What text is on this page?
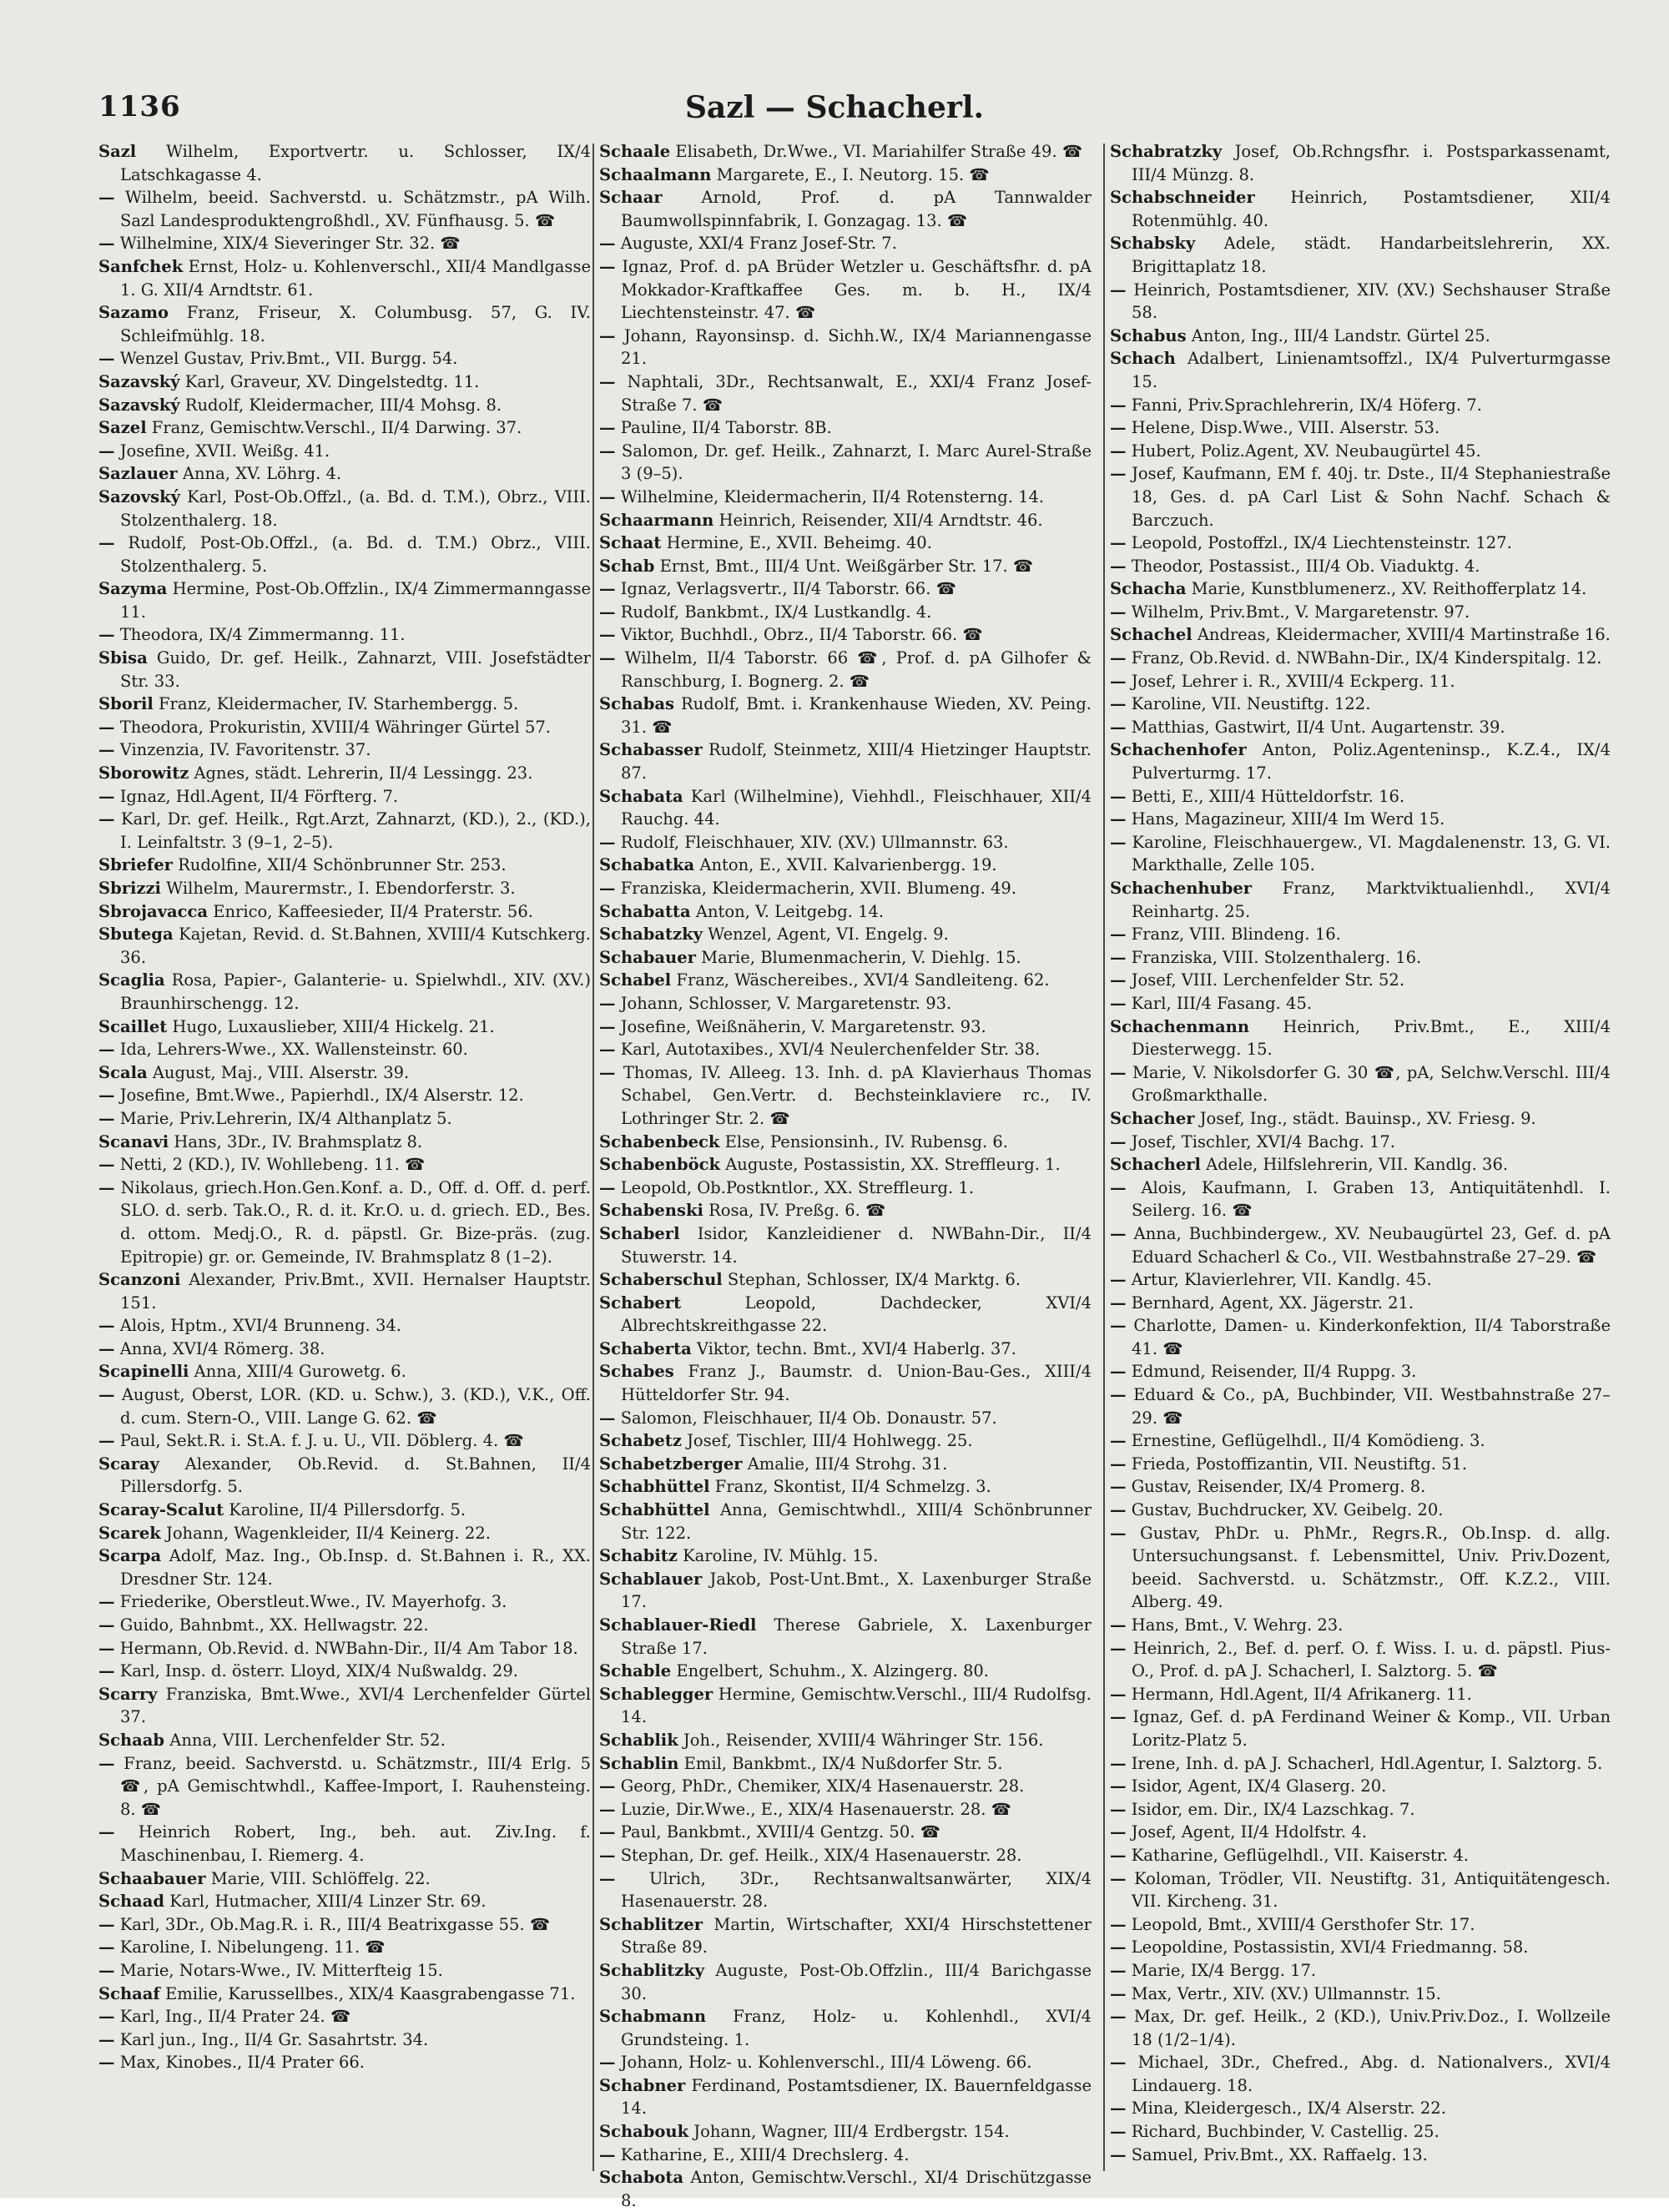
1136	Sazl — Schacherl.
Sazl Wilhelm, Exportvertr. u. Schlosser, IX/4 Latschkagasse 4.
— Wilhelm, beeid. Sachverstd. u. Schätzmstr., pA Wilh. Sazl Landesproduktengroßhdl., XV. Fünfhausg. 5. ☎
— Wilhelmine, XIX/4 Sieveringer Str. 32. ☎
Sanfchek Ernst, Holz- u. Kohlenverschl., XII/4 Mandlgasse 1. G. XII/4 Arndtstr. 61.
Sazamo Franz, Friseur, X. Columbusg. 57, G. IV. Schleifmühlg. 18.
— Wenzel Gustav, Priv.Bmt., VII. Burgg. 54.
Sazavský Karl, Graveur, XV. Dingelstedtg. 11.
Sazavský Rudolf, Kleidermacher, III/4 Mohsg. 8.
Sazel Franz, Gemischtw.Verschl., II/4 Darwing. 37.
— Josefine, XVII. Weißg. 41.
Sazlauer Anna, XV. Löhrg. 4.
Sazovský Karl, Post-Ob.Offzl., (a. Bd. d. T.M.), Obrz., VIII. Stolzenthalerg. 18.
— Rudolf, Post-Ob.Offzl., (a. Bd. d. T.M.) Obrz., VIII. Stolzenthalerg. 5.
Sazyma Hermine, Post-Ob.Offzlin., IX/4 Zimmermanngasse 11.
— Theodora, IX/4 Zimmermanng. 11.
Sbisa Guido, Dr. gef. Heilk., Zahnarzt, VIII. Josefstädter Str. 33.
Sboril Franz, Kleidermacher, IV. Starhembergg. 5.
— Theodora, Prokuristin, XVIII/4 Währinger Gürtel 57.
— Vinzenzia, IV. Favoritenstr. 37.
Sborowitz Agnes, städt. Lehrerin, II/4 Lessingg. 23.
— Ignaz, Hdl.Agent, II/4 Förfterg. 7.
— Karl, Dr. gef. Heilk., Rgt.Arzt, Zahnarzt, (KD.), 2., (KD.), I. Leinfaltstr. 3 (9–1, 2–5).
Sbriefer Rudolfine, XII/4 Schönbrunner Str. 253.
Sbrizzi Wilhelm, Maurermstr., I. Ebendorferstr. 3.
Sbrojavacca Enrico, Kaffeesieder, II/4 Praterstr. 56.
Sbutega Kajetan, Revid. d. St.Bahnen, XVIII/4 Kutschkerg. 36.
Scaglia Rosa, Papier-, Galanterie- u. Spielwhdl., XIV. (XV.) Braunhirschengg. 12.
Scaillet Hugo, Luxauslieber, XIII/4 Hickelg. 21.
— Ida, Lehrers-Wwe., XX. Wallensteinstr. 60.
Scala August, Maj., VIII. Alserstr. 39.
— Josefine, Bmt.Wwe., Papierhdl., IX/4 Alserstr. 12.
— Marie, Priv.Lehrerin, IX/4 Althanplatz 5.
Scanavi Hans, 3Dr., IV. Brahmsplatz 8.
— Netti, 2 (KD.), IV. Wohllebeng. 11. ☎
— Nikolaus, griech.Hon.Gen.Konf. a. D., Off. d. Off. d. perf. SLO. d. serb. Tak.O., R. d. it. Kr.O. u. d. griech. ED., Bes. d. ottom. Medj.O., R. d. päpstl. Gr. Bize-präs. (zug. Epitropie) gr. or. Gemeinde, IV. Brahmsplatz 8 (1–2).
Scanzoni Alexander, Priv.Bmt., XVII. Hernalser Hauptstr. 151.
— Alois, Hptm., XVI/4 Brunneng. 34.
— Anna, XVI/4 Römerg. 38.
Scapinelli Anna, XIII/4 Gurowetg. 6.
— August, Oberst, LOR. (KD. u. Schw.), 3. (KD.), V.K., Off. d. cum. Stern-O., VIII. Lange G. 62. ☎
— Paul, Sekt.R. i. St.A. f. J. u. U., VII. Döblerg. 4. ☎
Scaray Alexander, Ob.Revid. d. St.Bahnen, II/4 Pillersdorfg. 5.
Scaray-Scalut Karoline, II/4 Pillersdorfg. 5.
Scarek Johann, Wagenkleider, II/4 Keinerg. 22.
Scarpa Adolf, Maz. Ing., Ob.Insp. d. St.Bahnen i. R., XX. Dresdner Str. 124.
— Friederike, Oberstleut.Wwe., IV. Mayerhofg. 3.
— Guido, Bahnbmt., XX. Hellwagstr. 22.
— Hermann, Ob.Revid. d. NWBahn-Dir., II/4 Am Tabor 18.
— Karl, Insp. d. österr. Lloyd, XIX/4 Nußwaldg. 29.
Scarry Franziska, Bmt.Wwe., XVI/4 Lerchenfelder Gürtel 37.
Schaab Anna, VIII. Lerchenfelder Str. 52.
— Franz, beeid. Sachverstd. u. Schätzmstr., III/4 Erlg. 5 ☎, pA Gemischtwhdl., Kaffee-Import, I. Rauhensteing. 8. ☎
— Heinrich Robert, Ing., beh. aut. Ziv.Ing. f. Maschinenbau, I. Riemerg. 4.
Schaabauer Marie, VIII. Schlöffelg. 22.
Schaad Karl, Hutmacher, XIII/4 Linzer Str. 69.
— Karl, 3Dr., Ob.Mag.R. i. R., III/4 Beatrixgasse 55. ☎
— Karoline, I. Nibelungeng. 11. ☎
— Marie, Notars-Wwe., IV. Mitterfteig 15.
Schaaf Emilie, Karussellbes., XIX/4 Kaasgrabengasse 71.
— Karl, Ing., II/4 Prater 24. ☎
— Karl jun., Ing., II/4 Gr. Sasahrtstr. 34.
— Max, Kinobes., II/4 Prater 66.
Schaale Elisabeth, Dr.Wwe., VI. Mariahilfer Straße 49. ☎
Schaalmann Margarete, E., I. Neutorg. 15. ☎
Schaar Arnold, Prof. d. pA Tannwalder Baumwollspinnfabrik, I. Gonzagag. 13. ☎
— Auguste, XXI/4 Franz Josef-Str. 7.
— Ignaz, Prof. d. pA Brüder Wetzler u. Geschäftsfhr. d. pA Mokkador-Kraftkaffee Ges. m. b. H., IX/4 Liechtensteinstr. 47. ☎
— Johann, Rayonsinsp. d. Sichh.W., IX/4 Mariannengasse 21.
— Naphtali, 3Dr., Rechtsanwalt, E., XXI/4 Franz Josef-Straße 7. ☎
— Pauline, II/4 Taborstr. 8B.
— Salomon, Dr. gef. Heilk., Zahnarzt, I. Marc Aurel-Straße 3 (9–5).
— Wilhelmine, Kleidermacherin, II/4 Rotensterng. 14.
Schaarmann Heinrich, Reisender, XII/4 Arndtstr. 46.
Schaat Hermine, E., XVII. Beheimg. 40.
Schab Ernst, Bmt., III/4 Unt. Weißgärber Str. 17. ☎
— Ignaz, Verlagsvertr., II/4 Taborstr. 66. ☎
— Rudolf, Bankbmt., IX/4 Lustkandlg. 4.
— Viktor, Buchhdl., Obrz., II/4 Taborstr. 66. ☎
— Wilhelm, II/4 Taborstr. 66 ☎, Prof. d. pA Gilhofer & Ranschburg, I. Bognerg. 2. ☎
Schabas Rudolf, Bmt. i. Krankenhause Wieden, XV. Peing. 31. ☎
Schabasser Rudolf, Steinmetz, XIII/4 Hietzinger Hauptstr. 87.
Schabata Karl (Wilhelmine), Viehhdl., Fleischhauer, XII/4 Rauchg. 44.
— Rudolf, Fleischhauer, XIV. (XV.) Ullmannstr. 63.
Schabatka Anton, E., XVII. Kalvarienbergg. 19.
— Franziska, Kleidermacherin, XVII. Blumeng. 49.
Schabatta Anton, V. Leitgebg. 14.
Schabatzky Wenzel, Agent, VI. Engelg. 9.
Schabauer Marie, Blumenmacherin, V. Diehlg. 15.
Schabel Franz, Wäschereibes., XVI/4 Sandleiteng. 62.
— Johann, Schlosser, V. Margaretenstr. 93.
— Josefine, Weißnäherin, V. Margaretenstr. 93.
— Karl, Autotaxibes., XVI/4 Neulerchenfelder Str. 38.
— Thomas, IV. Alleeg. 13. Inh. d. pA Klavierhaus Thomas Schabel, Gen.Vertr. d. Bechsteinklaviere rc., IV. Lothringer Str. 2. ☎
Schabenbeck Else, Pensionsinh., IV. Rubensg. 6.
Schabenböck Auguste, Postassistin, XX. Streffleurg. 1.
— Leopold, Ob.Postkntlor., XX. Streffleurg. 1.
Schabenski Rosa, IV. Preßg. 6. ☎
Schaberl Isidor, Kanzleidiener d. NWBahn-Dir., II/4 Stuwerstr. 14.
Schaberschul Stephan, Schlosser, IX/4 Marktg. 6.
Schabert Leopold, Dachdecker, XVI/4 Albrechtskreithgasse 22.
Schaberta Viktor, techn. Bmt., XVI/4 Haberlg. 37.
Schabes Franz J., Baumstr. d. Union-Bau-Ges., XIII/4 Hütteldorfer Str. 94.
— Salomon, Fleischhauer, II/4 Ob. Donaustr. 57.
Schabetz Josef, Tischler, III/4 Hohlwegg. 25.
Schabetzberger Amalie, III/4 Strohg. 31.
Schabhüttel Franz, Skontist, II/4 Schmelzg. 3.
Schabhüttel Anna, Gemischtwhdl., XIII/4 Schönbrunner Str. 122.
Schabitz Karoline, IV. Mühlg. 15.
Schablauer Jakob, Post-Unt.Bmt., X. Laxenburger Straße 17.
Schablauer-Riedl Therese Gabriele, X. Laxenburger Straße 17.
Schable Engelbert, Schuhm., X. Alzingerg. 80.
Schablegger Hermine, Gemischtw.Verschl., III/4 Rudolfsg. 14.
Schablik Joh., Reisender, XVIII/4 Währinger Str. 156.
Schablin Emil, Bankbmt., IX/4 Nußdorfer Str. 5.
— Georg, PhDr., Chemiker, XIX/4 Hasenauerstr. 28.
— Luzie, Dir.Wwe., E., XIX/4 Hasenauerstr. 28. ☎
— Paul, Bankbmt., XVIII/4 Gentzg. 50. ☎
— Stephan, Dr. gef. Heilk., XIX/4 Hasenauerstr. 28.
— Ulrich, 3Dr., Rechtsanwaltsanwärter, XIX/4 Hasenauerstr. 28.
Schablitzer Martin, Wirtschafter, XXI/4 Hirschstettener Straße 89.
Schablitzky Auguste, Post-Ob.Offzlin., III/4 Barichgasse 30.
Schabmann Franz, Holz- u. Kohlenhdl., XVI/4 Grundsteing. 1.
— Johann, Holz- u. Kohlenverschl., III/4 Löweng. 66.
Schabner Ferdinand, Postamtsdiener, IX. Bauernfeldgasse 14.
Schabouk Johann, Wagner, III/4 Erdbergstr. 154.
— Katharine, E., XIII/4 Drechslerg. 4.
Schabota Anton, Gemischtw.Verschl., XI/4 Drischützgasse 8.
Schabratzky Josef, Ob.Rchngsfhr. i. Postsparkassenamt, III/4 Münzg. 8.
Schabschneider Heinrich, Postamtsdiener, XII/4 Rotenmühlg. 40.
Schabsky Adele, städt. Handarbeitslehrerin, XX. Brigittaplatz 18.
— Heinrich, Postamtsdiener, XIV. (XV.) Sechshauser Straße 58.
Schabus Anton, Ing., III/4 Landstr. Gürtel 25.
Schach Adalbert, Linienamtsoffzl., IX/4 Pulverturmgasse 15.
— Fanni, Priv.Sprachlehrerin, IX/4 Höferg. 7.
— Helene, Disp.Wwe., VIII. Alserstr. 53.
— Hubert, Poliz.Agent, XV. Neubaugürtel 45.
— Josef, Kaufmann, EM f. 40j. tr. Dste., II/4 Stephaniestraße 18, Ges. d. pA Carl List & Sohn Nachf. Schach & Barczuch.
— Leopold, Postoffzl., IX/4 Liechtensteinstr. 127.
— Theodor, Postassist., III/4 Ob. Viaduktg. 4.
Schacha Marie, Kunstblumenerz., XV. Reithofferplatz 14.
— Wilhelm, Priv.Bmt., V. Margaretenstr. 97.
Schachel Andreas, Kleidermacher, XVIII/4 Martinstraße 16.
— Franz, Ob.Revid. d. NWBahn-Dir., IX/4 Kinderspitalg. 12.
— Josef, Lehrer i. R., XVIII/4 Eckperg. 11.
— Karoline, VII. Neustiftg. 122.
— Matthias, Gastwirt, II/4 Unt. Augartenstr. 39.
Schachenhofer Anton, Poliz.Agenteninsp., K.Z.4., IX/4 Pulverturmg. 17.
— Betti, E., XIII/4 Hütteldorfstr. 16.
— Hans, Magazineur, XIII/4 Im Werd 15.
— Karoline, Fleischhauergew., VI. Magdalenenstr. 13, G. VI. Markthalle, Zelle 105.
Schachenhuber Franz, Marktviktualienhdl., XVI/4 Reinhartg. 25.
— Franz, VIII. Blindeng. 16.
— Franziska, VIII. Stolzenthalerg. 16.
— Josef, VIII. Lerchenfelder Str. 52.
— Karl, III/4 Fasang. 45.
Schachenmann Heinrich, Priv.Bmt., E., XIII/4 Diesterwegg. 15.
— Marie, V. Nikolsdorfer G. 30 ☎, pA, Selchw.Verschl. III/4 Großmarkthalle.
Schacher Josef, Ing., städt. Bauinsp., XV. Friesg. 9.
— Josef, Tischler, XVI/4 Bachg. 17.
Schacherl Adele, Hilfslehrerin, VII. Kandlg. 36.
— Alois, Kaufmann, I. Graben 13, Antiquitätenhdl. I. Seilerg. 16. ☎
— Anna, Buchbindergew., XV. Neubaugürtel 23, Gef. d. pA Eduard Schacherl & Co., VII. Westbahnstraße 27–29. ☎
— Artur, Klavierlehrer, VII. Kandlg. 45.
— Bernhard, Agent, XX. Jägerstr. 21.
— Charlotte, Damen- u. Kinderkonfektion, II/4 Taborstraße 41. ☎
— Edmund, Reisender, II/4 Ruppg. 3.
— Eduard & Co., pA, Buchbinder, VII. Westbahnstraße 27–29. ☎
— Ernestine, Geflügelhdl., II/4 Komödieng. 3.
— Frieda, Postoffizantin, VII. Neustiftg. 51.
— Gustav, Reisender, IX/4 Promerg. 8.
— Gustav, Buchdrucker, XV. Geibelg. 20.
— Gustav, PhDr. u. PhMr., Regrs.R., Ob.Insp. d. allg. Untersuchungsanst. f. Lebensmittel, Univ. Priv.Dozent, beeid. Sachverstd. u. Schätzmstr., Off. K.Z.2., VIII. Alberg. 49.
— Hans, Bmt., V. Wehrg. 23.
— Heinrich, 2., Bef. d. perf. O. f. Wiss. I. u. d. päpstl. Pius-O., Prof. d. pA J. Schacherl, I. Salztorg. 5. ☎
— Hermann, Hdl.Agent, II/4 Afrikanerg. 11.
— Ignaz, Gef. d. pA Ferdinand Weiner & Komp., VII. Urban Loritz-Platz 5.
— Irene, Inh. d. pA J. Schacherl, Hdl.Agentur, I. Salztorg. 5.
— Isidor, Agent, IX/4 Glaserg. 20.
— Isidor, em. Dir., IX/4 Lazschkag. 7.
— Josef, Agent, II/4 Hdolfstr. 4.
— Katharine, Geflügelhdl., VII. Kaiserstr. 4.
— Koloman, Trödler, VII. Neustiftg. 31, Antiquitätengesch. VII. Kircheng. 31.
— Leopold, Bmt., XVIII/4 Gersthofer Str. 17.
— Leopoldine, Postassistin, XVI/4 Friedmanng. 58.
— Marie, IX/4 Bergg. 17.
— Max, Vertr., XIV. (XV.) Ullmannstr. 15.
— Max, Dr. gef. Heilk., 2 (KD.), Univ.Priv.Doz., I. Wollzeile 18 (1/2–1/4).
— Michael, 3Dr., Chefred., Abg. d. Nationalvers., XVI/4 Lindauerg. 18.
— Mina, Kleidergesch., IX/4 Alserstr. 22.
— Richard, Buchbinder, V. Castellig. 25.
— Samuel, Priv.Bmt., XX. Raffaelg. 13.
